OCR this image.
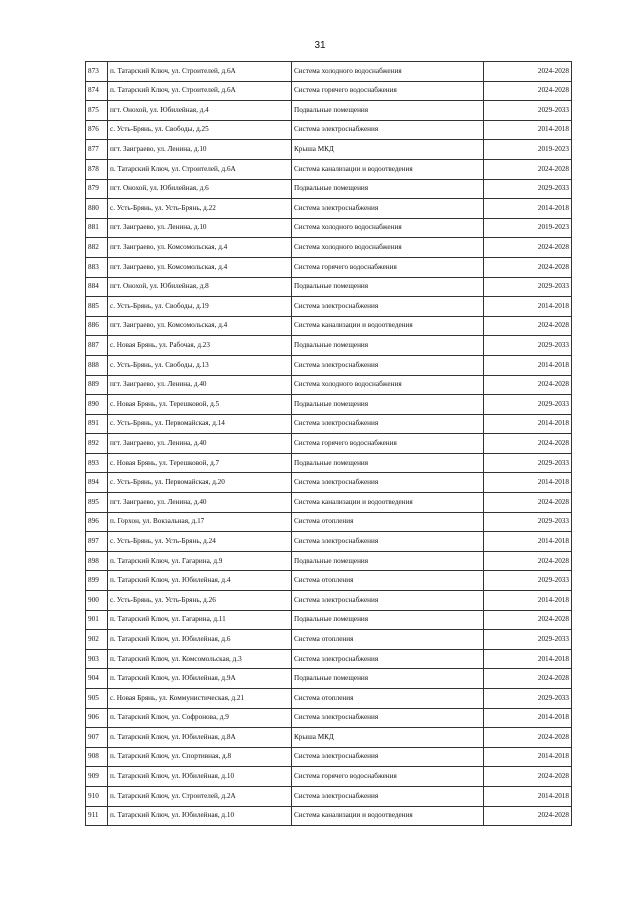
31
873	п. Татарский Ключ, ул. Строителей, д.6А	Система холодного водоснабжения	2024-2028
874	п. Татарский Ключ, ул. Строителей, д.6А	Система горячего водоснабжения	2024-2028
875	пгт. Онохой, ул. Юбилейная, д.4	Подвальные помещения	2029-2033
876	с. Усть-Брянь, ул. Свободы, д.25	Система электроснабжения	2014-2018
877	пгт. Заиграево, ул. Ленина, д.10	Крыша МКД	2019-2023
878	п. Татарский Ключ, ул. Строителей, д.6А	Система канализации и водоотведения	2024-2028
879	пгт. Онохой, ул. Юбилейная, д.6	Подвальные помещения	2029-2033
880	с. Усть-Брянь, ул. Усть-Брянь, д.22	Система электроснабжения	2014-2018
881	пгт. Заиграево, ул. Ленина, д.10	Система холодного водоснабжения	2019-2023
882	пгт. Заиграево, ул. Комсомольская, д.4	Система холодного водоснабжения	2024-2028
883	пгт. Заиграево, ул. Комсомольская, д.4	Система горячего водоснабжения	2024-2028
884	пгт. Онохой, ул. Юбилейная, д.8	Подвальные помещения	2029-2033
885	с. Усть-Брянь, ул. Свободы, д.19	Система электроснабжения	2014-2018
886	пгт. Заиграево, ул. Комсомольская, д.4	Система канализации и водоотведения	2024-2028
887	с. Новая Брянь, ул. Рабочая, д.23	Подвальные помещения	2029-2033
888	с. Усть-Брянь, ул. Свободы, д.13	Система электроснабжения	2014-2018
889	пгт. Заиграево, ул. Ленина, д.40	Система холодного водоснабжения	2024-2028
890	с. Новая Брянь, ул. Терешковой, д.5	Подвальные помещения	2029-2033
891	с. Усть-Брянь, ул. Первомайская, д.14	Система электроснабжения	2014-2018
892	пгт. Заиграево, ул. Ленина, д.40	Система горячего водоснабжения	2024-2028
893	с. Новая Брянь, ул. Терешковой, д.7	Подвальные помещения	2029-2033
894	с. Усть-Брянь, ул. Первомайская, д.20	Система электроснабжения	2014-2018
895	пгт. Заиграево, ул. Ленина, д.40	Система канализации и водоотведения	2024-2028
896	п. Горхон, ул. Вокзальная, д.17	Система отопления	2029-2033
897	с. Усть-Брянь, ул. Усть-Брянь, д.24	Система электроснабжения	2014-2018
898	п. Татарский Ключ, ул. Гагарина, д.9	Подвальные помещения	2024-2028
899	п. Татарский Ключ, ул. Юбилейная, д.4	Система отопления	2029-2033
900	с. Усть-Брянь, ул. Усть-Брянь, д.26	Система электроснабжения	2014-2018
901	п. Татарский Ключ, ул. Гагарина, д.11	Подвальные помещения	2024-2028
902	п. Татарский Ключ, ул. Юбилейная, д.6	Система отопления	2029-2033
903	п. Татарский Ключ, ул. Комсомольская, д.3	Система электроснабжения	2014-2018
904	п. Татарский Ключ, ул. Юбилейная, д.9А	Подвальные помещения	2024-2028
905	с. Новая Брянь, ул. Коммунистическая, д.21	Система отопления	2029-2033
906	п. Татарский Ключ, ул. Софронова, д.9	Система электроснабжения	2014-2018
907	п. Татарский Ключ, ул. Юбилейная, д.8А	Крыша МКД	2024-2028
908	п. Татарский Ключ, ул. Спортивная, д.8	Система электроснабжения	2014-2018
909	п. Татарский Ключ, ул. Юбилейная, д.10	Система горячего водоснабжения	2024-2028
910	п. Татарский Ключ, ул. Строителей, д.2А	Система электроснабжения	2014-2018
911	п. Татарский Ключ, ул. Юбилейная, д.10	Система канализации и водоотведения	2024-2028
